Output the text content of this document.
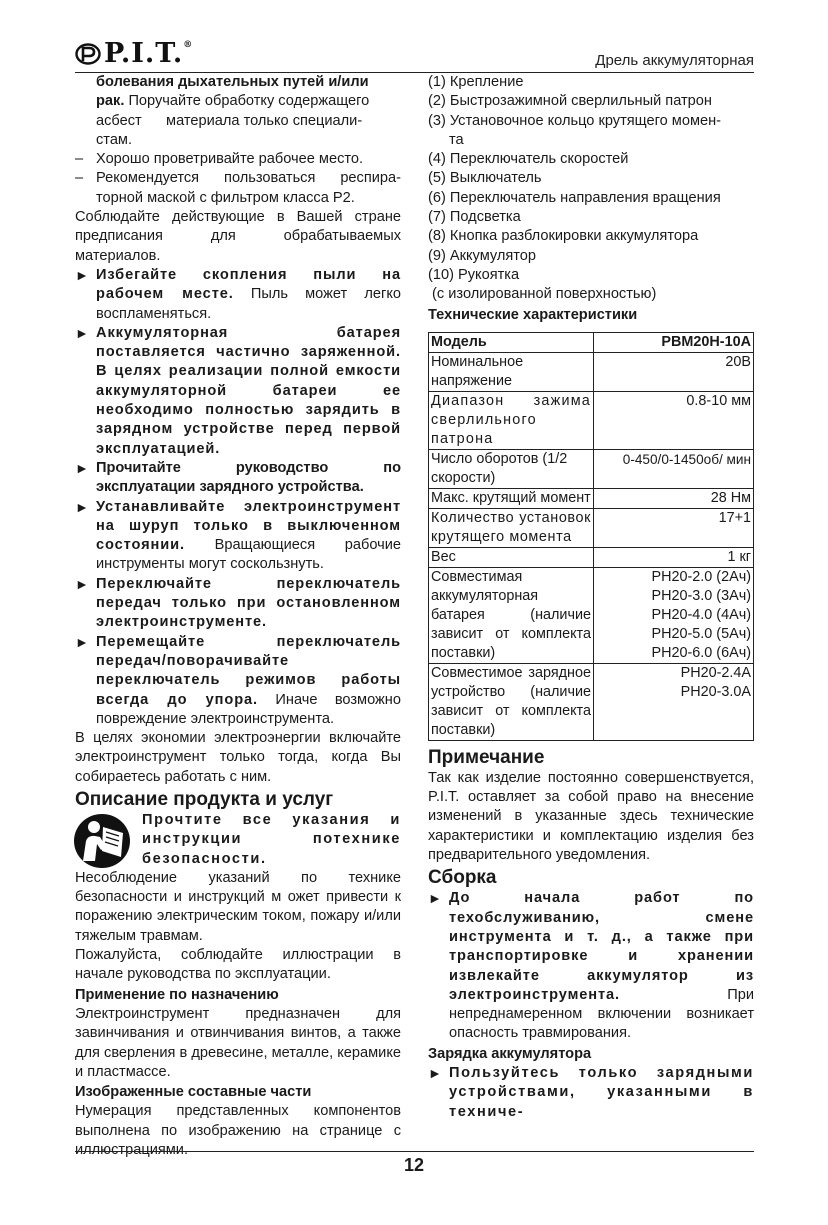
P.I.T.®
Дрель аккумуляторная

болевания дыхательных путей и/или

рак. Поручайте обработку содержащего

асбест      материала только специали-

стам.

– Хорошо проветривайте рабочее место.

– Рекомендуется пользоваться респира-торной маской с фильтром класса Р2.

Соблюдайте действующие в Вашей стране предписания для обрабатываемых материалов.

► Избегайте скопления пыли на рабочем месте. Пыль может легко воспламеняться.

► Аккумуляторная батарея поставляется частично заряженной. В целях реализации полной емкости аккумуляторной батареи ее необходимо полностью зарядить в зарядном устройстве перед первой эксплуатацией.

► Прочитайте руководство по эксплуатации зарядного устройства.

► Устанавливайте электроинструмент на шуруп только в выключенном состоянии. Вращающиеся рабочие инструменты могут соскользнуть.

► Переключайте переключатель передач только при остановленном электроинструменте.

► Перемещайте переключатель передач/поворачивайте переключатель режимов работы всегда до упора. Иначе возможно повреждение электроинструмента.

В целях экономии электроэнергии включайте электроинструмент только тогда, когда Вы собираетесь работать с ним.

Описание продукта и услуг
Прочтите все указания и инструкции потехнике безопасности.

Несоблюдение указаний по технике безопасности и инструкций м ожет привести к поражению электрическим током, пожару и/или тяжелым травмам.

Пожалуйста, соблюдайте иллюстрации в начале руководства по эксплуатации.

Применение по назначению

Электроинструмент предназначен для завинчивания и отвинчивания винтов, а также для сверления в древесине, металле, керамике и пластмассе.

Изображенные составные части

Нумерация представленных компонентов выполнена по изображению на странице с иллюстрациями.

(1) Крепление

(2) Быстрозажимной сверлильный патрон

(3) Установочное кольцо крутящего момен-

та

(4) Переключатель скоростей

(5) Выключатель

(6) Переключатель направления вращения

(7) Подсветка

(8) Кнопка разблокировки аккумулятора

(9) Аккумулятор

(10) Рукоятка

(с изолированной поверхностью)

Технические характеристики

Модель	PBM20H-10A
Номинальное напряжение	20В
Диапазон зажима сверлильного патрона	0.8-10 мм
Число оборотов (1/2 скорости)	0-450/0-1450об/ мин
Макс. крутящий момент	28 Нм
Количество установок крутящего момента	17+1
Вес	1 кг
Совместимая аккумуляторная батарея (наличие зависит от комплекта поставки)	PH20-2.0 (2Ач)
PH20-3.0 (3Ач)
PH20-4.0 (4Ач)
PH20-5.0 (5Ач)
PH20-6.0 (6Ач)

Совместимое зарядное устройство (наличие зависит от комплекта поставки)	PH20-2.4A
PH20-3.0A
Примечание

Так как изделие постоянно совершенствуется, P.I.T. оставляет за собой право на внесение изменений в указанные здесь технические характеристики и комплектацию изделия без предварительного уведомления.

Сборка

► До начала работ по техобслуживанию, смене инструмента и т. д., а также при транспортировке и хранении извлекайте аккумулятор из электроинструмента. При непреднамеренном включении возникает опасность травмирования.

Зарядка аккумулятора

► Пользуйтесь только зарядными устройствами, указанными в техниче-

12
